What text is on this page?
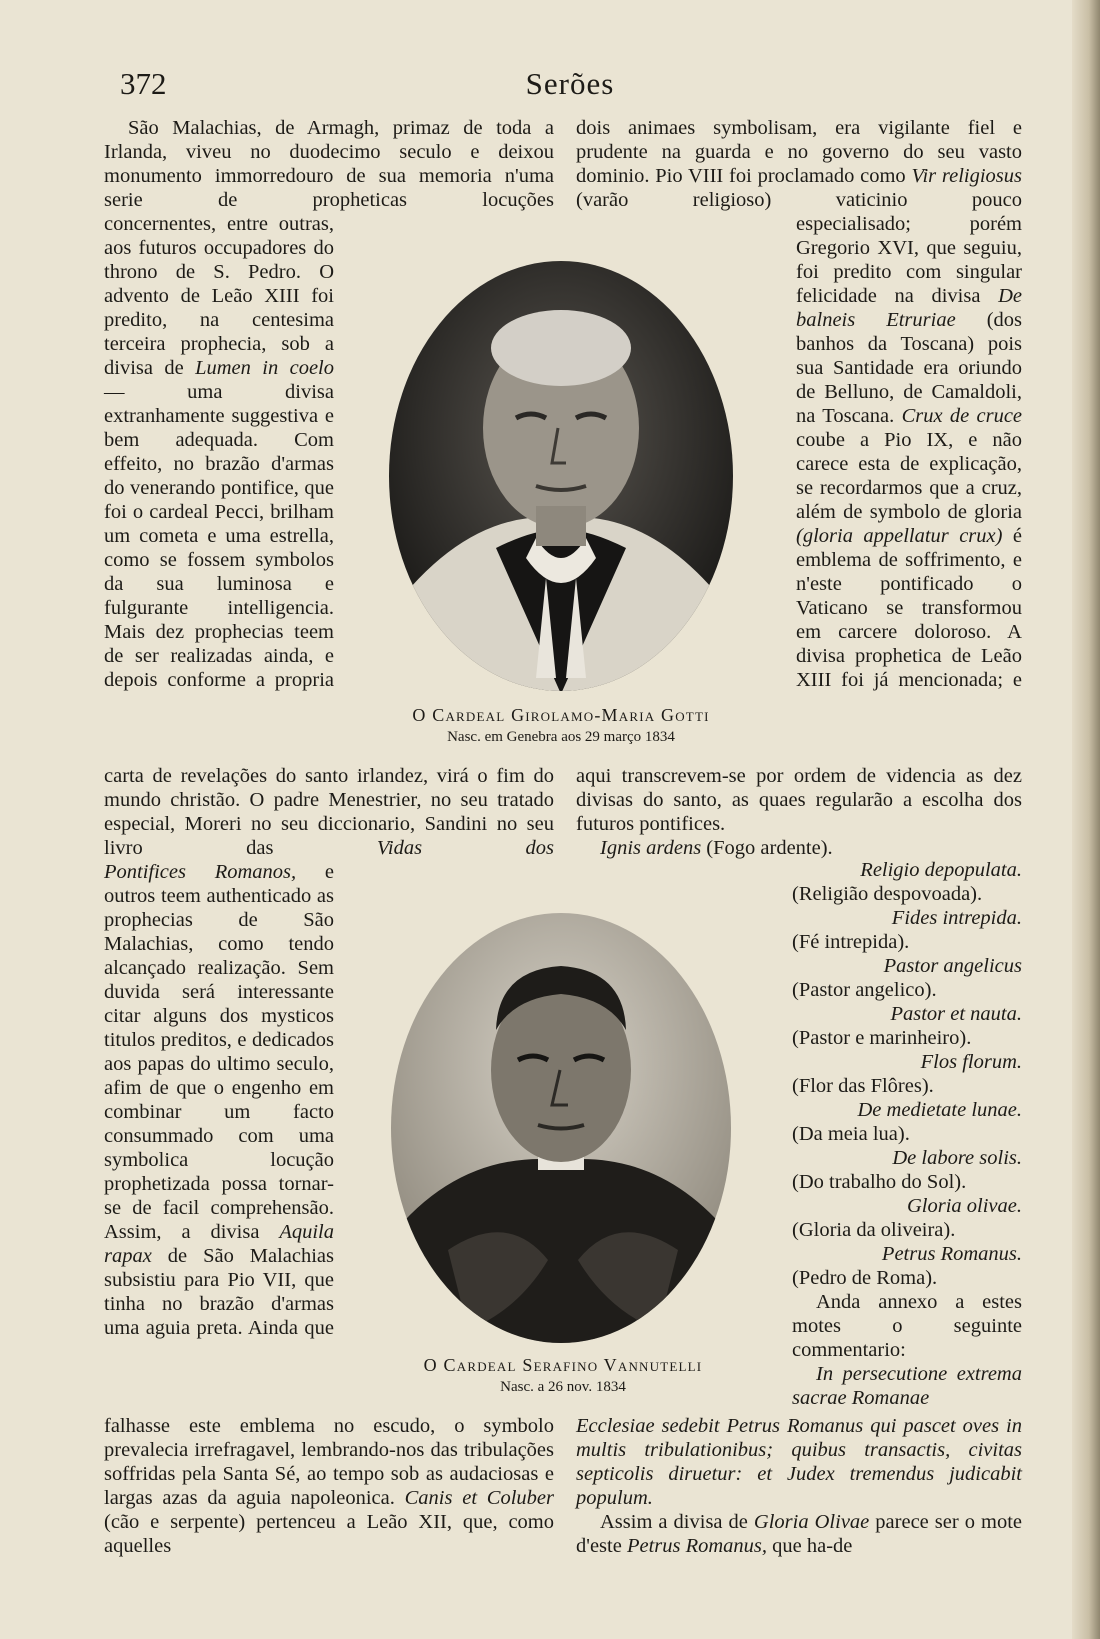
372	Serões

São Malachias, de Armagh, primaz de toda a Irlanda, viveu no duodecimo seculo e deixou monumento immorredouro de sua memoria n'uma serie de propheticas locuções

concernentes, entre outras, aos futuros occupadores do throno de S. Pedro. O advento de Leão XIII foi predito, na centesima terceira prophecia, sob a divisa de Lumen in coelo — uma divisa extranhamente suggestiva e bem adequada. Com effeito, no brazão d'armas do venerando pontifice, que foi o cardeal Pecci, brilham um cometa e uma estrella, como se fossem symbolos da sua luminosa e fulgurante intelligencia. Mais dez prophecias teem de ser realizadas ainda, e depois conforme a propria

dois animaes symbolisam, era vigilante fiel e prudente na guarda e no governo do seu vasto dominio. Pio VIII foi proclamado como Vir religiosus (varão religioso) vaticinio pouco

especialisado; porém Gregorio XVI, que seguiu, foi predito com singular felicidade na divisa De balneis Etruriae (dos banhos da Toscana) pois sua Santidade era oriundo de Belluno, de Camaldoli, na Toscana. Crux de cruce coube a Pio IX, e não carece esta de explicação, se recordarmos que a cruz, além de symbolo de gloria (gloria appellatur crux) é emblema de soffrimento, e n'este pontificado o Vaticano se transformou em carcere doloroso. A divisa prophetica de Leão XIII foi já mencionada; e

O Cardeal Girolamo-Maria Gotti
Nasc. em Genebra aos 29 março 1834

carta de revelações do santo irlandez, virá o fim do mundo christão. O padre Menestrier, no seu tratado especial, Moreri no seu diccionario, Sandini no seu livro das	Vidas dos

aqui transcrevem-se por ordem de videncia as dez divisas do santo, as quaes regularão a escolha dos futuros pontifices.

Ignis ardens (Fogo ardente).

Pontifices Romanos, e outros teem authenticado as prophecias de São Malachias, como tendo alcançado realização. Sem duvida será interessante citar alguns dos mysticos titulos preditos, e dedicados aos papas do ultimo seculo, afim de que o engenho em combinar um facto consummado com uma symbolica locução prophetizada possa tornar-se de facil comprehensão. Assim, a divisa Aquila rapax de São Malachias subsistiu para Pio VII, que tinha no brazão d'armas uma aguia preta. Ainda que

O Cardeal Serafino Vannutelli
Nasc. a 26 nov. 1834

Religio depopulata.
(Religião despovoada).

Fides intrepida.
(Fé intrepida).

Pastor angelicus
(Pastor angelico).

Pastor et nauta.
(Pastor e marinheiro).

Flos florum.
(Flor das Flôres).

De medietate lunae.
(Da meia lua).

De labore solis.
(Do trabalho do Sol).

Gloria olivae.
(Gloria da oliveira).

Petrus Romanus.
(Pedro de Roma).

Anda annexo a estes motes o seguinte commentario:

In persecutione extrema sacrae Romanae

falhasse este emblema no escudo, o symbolo prevalecia irrefragavel, lembrando-nos das tribulações soffridas pela Santa Sé, ao tempo sob as audaciosas e largas azas da aguia napoleonica. Canis et Coluber (cão e serpente) pertenceu a Leão XII, que, como aquelles

Ecclesiae sedebit Petrus Romanus qui pascet oves in multis tribulationibus; quibus transactis, civitas septicolis diruetur: et Judex tremendus judicabit populum.

Assim a divisa de Gloria Olivae parece ser o mote d'este Petrus Romanus, que ha-de
